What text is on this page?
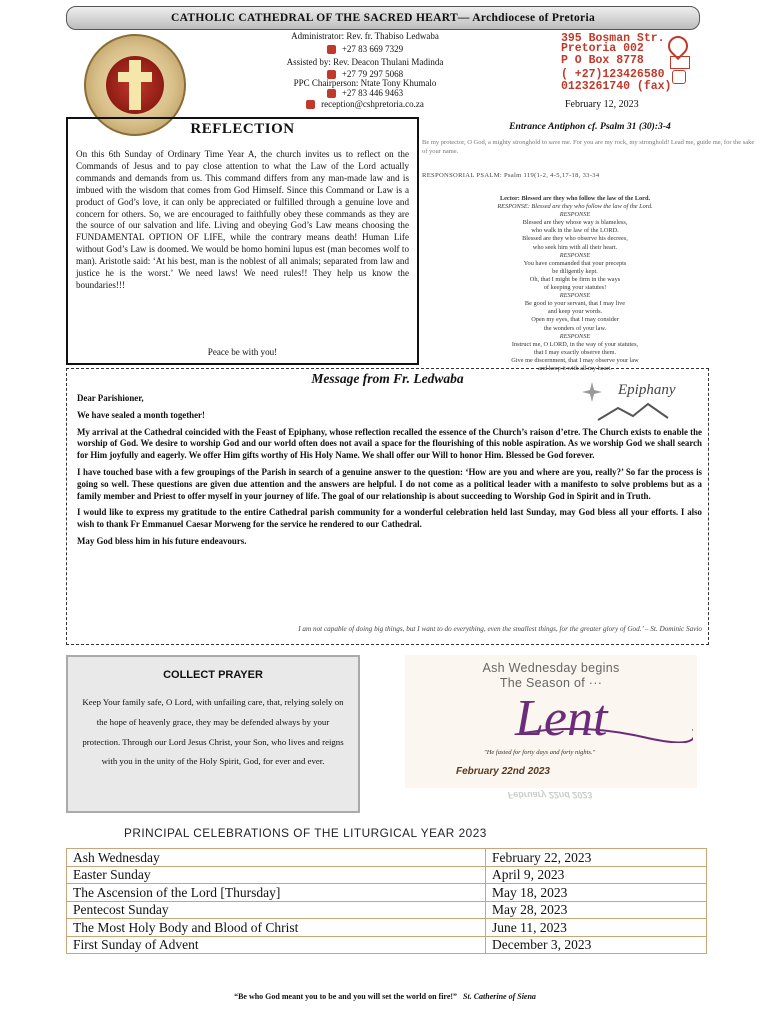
CATHOLIC CATHEDRAL OF THE SACRED HEART— Archdiocese of Pretoria
Administrator: Rev. fr. Thabiso Ledwaba
+27 83 669 7329
Assisted by: Rev. Deacon Thulani Madinda
+27 79 297 5068
PPC Chairperson: Ntate Tony Khumalo
+27 83 446 9463
reception@cshpretoria.co.za
395 Bosman Str.
Pretoria 002
P O Box 8778
( +27)123426580
0123261740 (fax)
February 12, 2023
REFLECTION
On this 6th Sunday of Ordinary Time Year A, the church invites us to reflect on the Commands of Jesus and to pay close attention to what the Law of the Lord actually commands and demands from us. This command differs from any man-made law and is imbued with the wisdom that comes from God Himself. Since this Command or Law is a product of God’s love, it can only be appreciated or fulfilled through a genuine love and concern for others. So, we are encouraged to faithfully obey these commands as they are the source of our salvation and life. Living and obeying God’s Law means choosing the FUNDAMENTAL OPTION OF LIFE, while the contrary means death! Human Life without God’s Law is doomed. We would be homo homini lupus est (man becomes wolf to man). Aristotle said: ‘At his best, man is the noblest of all animals; separated from law and justice he is the worst.’ We need laws! We need rules!! They help us know the boundaries!!!
Peace be with you!
Entrance Antiphon cf. Psalm 31 (30):3-4
Be my protector, O God, a mighty stronghold to save me. For you are my rock, my stronghold! Lead me, guide me, for the sake of your name.
RESPONSORIAL PSALM: Psalm 119(1-2, 4-5,17-18, 33-34
Lector: Blessed are they who follow the law of the Lord.
RESPONSE: Blessed are they who follow the law of the Lord.
RESPONSE
Blessed are they whose way is blameless,
who walk in the law of the LORD.
Blessed are they who observe his decrees,
who seek him with all their heart.
RESPONSE
You have commanded that your precepts
be diligently kept.
Oh, that I might be firm in the ways
of keeping your statutes!
RESPONSE
Be good to your servant, that I may live
and keep your words.
Open my eyes, that I may consider
the wonders of your law.
RESPONSE
Instruct me, O LORD, in the way of your statutes,
that I may exactly observe them.
Give me discernment, that I may observe your law
and keep it with all my heart.
Message from Fr. Ledwaba

Dear Parishioner,

We have sealed a month together!

My arrival at the Cathedral coincided with the Feast of Epiphany, whose reflection recalled the essence of the Church’s raison d’etre. The Church exists to enable the worship of God. We desire to worship God and our world often does not avail a space for the flourishing of this noble aspiration. As we worship God we shall search for Him joyfully and eagerly. We offer Him gifts worthy of His Holy Name. We shall offer our Will to honor Him. Blessed be God forever.

I have touched base with a few groupings of the Parish in search of a genuine answer to the question: ‘How are you and where are you, really?’ So far the process is going so well. These questions are given due attention and the answers are helpful. I do not come as a political leader with a manifesto to solve problems but as a family member and Priest to offer myself in your journey of life. The goal of our relationship is about succeeding to Worship God in Spirit and in Truth.

I would like to express my gratitude to the entire Cathedral parish community for a wonderful celebration held last Sunday, may God bless all your efforts. I also wish to thank Fr Emmanuel Caesar Morweng for the service he rendered to our Cathedral.

May God bless him in his future endeavours.

I am not capable of doing big things, but I want to do everything, even the smallest things, for the greater glory of God.’ – St. Dominic Savio
Epiphany
COLLECT PRAYER
Keep Your family safe, O Lord, with unfailing care, that, relying solely on the hope of heavenly grace, they may be defended always by your protection. Through our Lord Jesus Christ, your Son, who lives and reigns with you in the unity of the Holy Spirit, God, for ever and ever.
Ash Wednesday begins
The Season of ···
Lent
"He fasted for forty days and forty nights."
February 22nd 2023
February 22nd 2023
PRINCIPAL CELEBRATIONS OF THE LITURGICAL YEAR 2023
Ash Wednesday	February 22, 2023
Easter Sunday	April 9, 2023
The Ascension of the Lord [Thursday]	May 18, 2023
Pentecost Sunday	May 28, 2023
The Most Holy Body and Blood of Christ	June 11, 2023
First Sunday of Advent	December 3, 2023
“Be who God meant you to be and you will set the world on fire!” St. Catherine of Siena
